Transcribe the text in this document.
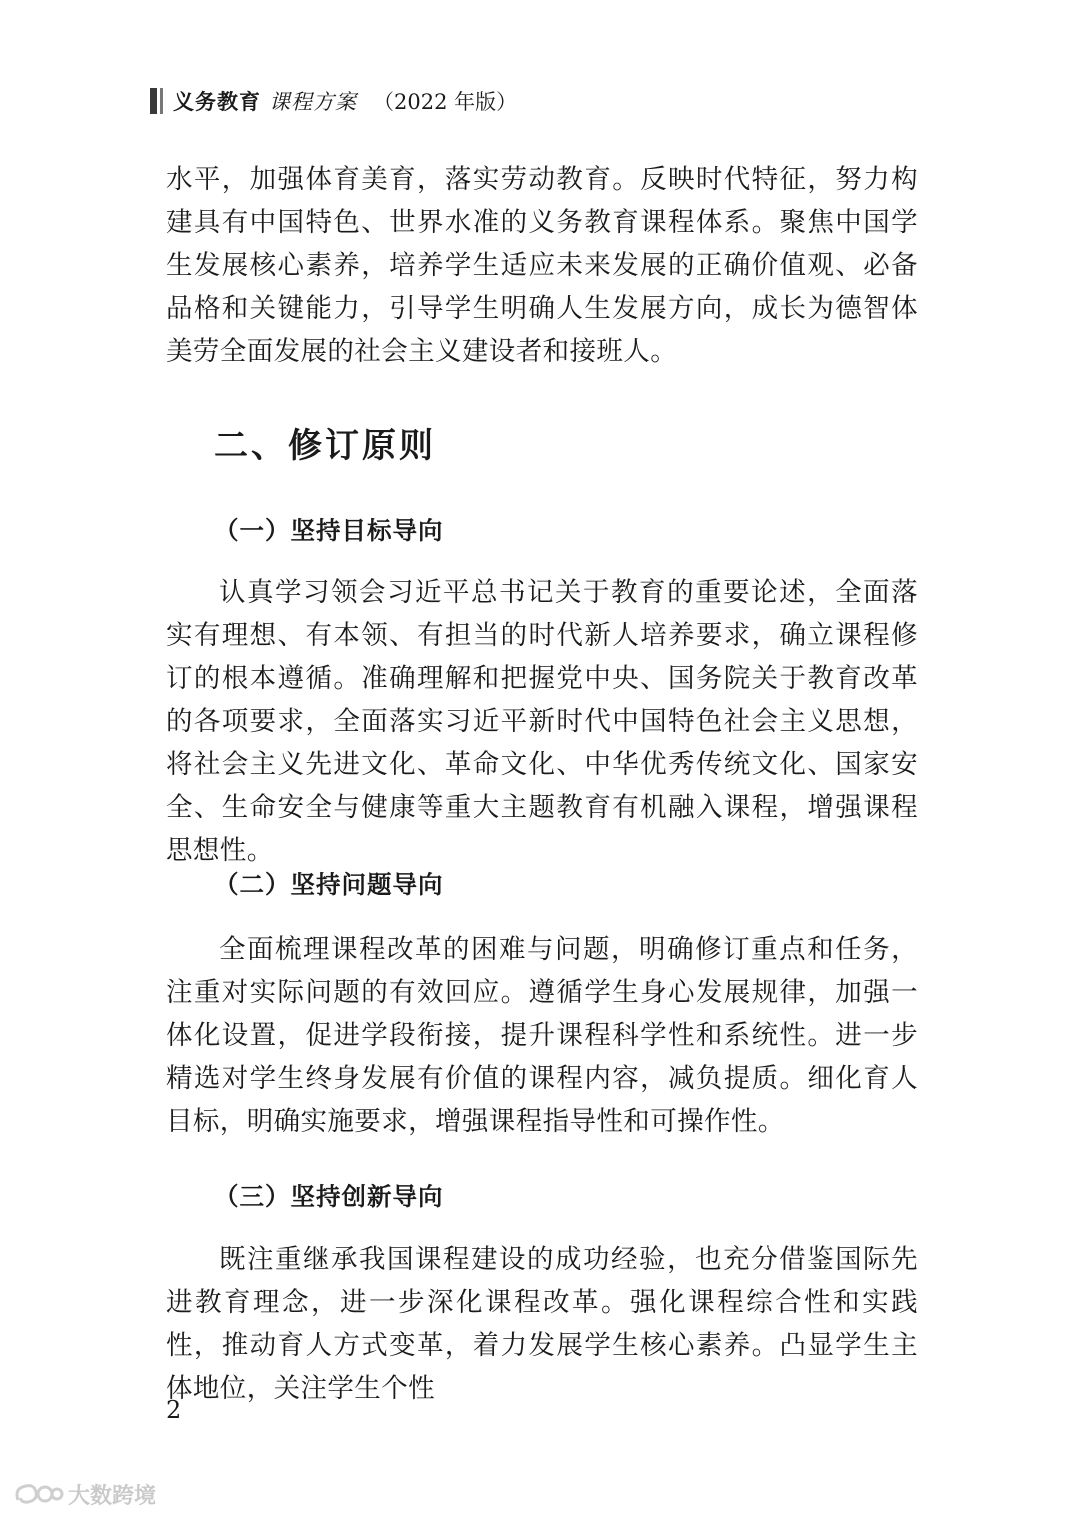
义务教育 课程方案 （2022 年版）

水平，加强体育美育，落实劳动教育。反映时代特征，努力构建具有中国特色、世界水准的义务教育课程体系。聚焦中国学生发展核心素养，培养学生适应未来发展的正确价值观、必备品格和关键能力，引导学生明确人生发展方向，成长为德智体美劳全面发展的社会主义建设者和接班人。

二、修订原则
（一）坚持目标导向

认真学习领会习近平总书记关于教育的重要论述，全面落实有理想、有本领、有担当的时代新人培养要求，确立课程修订的根本遵循。准确理解和把握党中央、国务院关于教育改革的各项要求，全面落实习近平新时代中国特色社会主义思想，将社会主义先进文化、革命文化、中华优秀传统文化、国家安全、生命安全与健康等重大主题教育有机融入课程，增强课程思想性。

（二）坚持问题导向

全面梳理课程改革的困难与问题，明确修订重点和任务，注重对实际问题的有效回应。遵循学生身心发展规律，加强一体化设置，促进学段衔接，提升课程科学性和系统性。进一步精选对学生终身发展有价值的课程内容，减负提质。细化育人目标，明确实施要求，增强课程指导性和可操作性。

（三）坚持创新导向

既注重继承我国课程建设的成功经验，也充分借鉴国际先进教育理念，进一步深化课程改革。强化课程综合性和实践性，推动育人方式变革，着力发展学生核心素养。凸显学生主体地位，关注学生个性

2
大数跨境
